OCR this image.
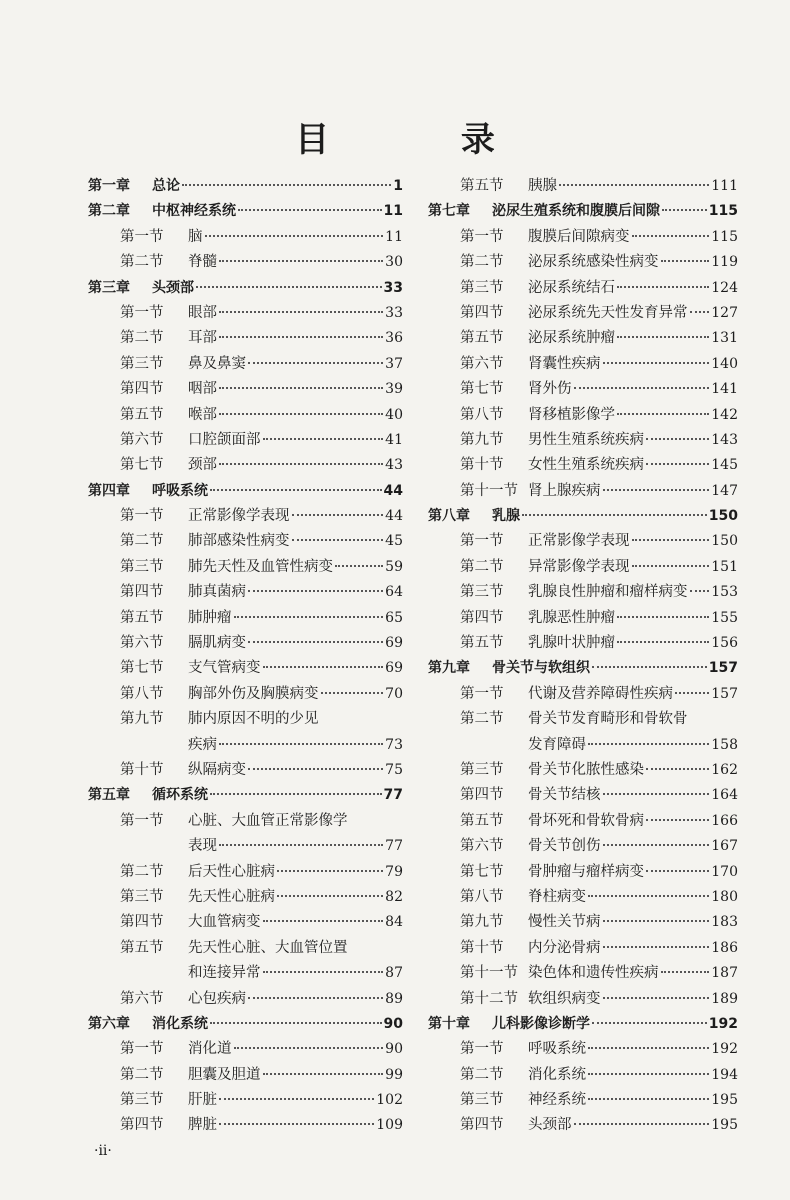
目 录
第一章	总论	1
第二章	中枢神经系统	11
第一节	脑	11
第二节	脊髓	30
第三章	头颈部	33
第一节	眼部	33
第二节	耳部	36
第三节	鼻及鼻窦	37
第四节	咽部	39
第五节	喉部	40
第六节	口腔颌面部	41
第七节	颈部	43
第四章	呼吸系统	44
第一节	正常影像学表现	44
第二节	肺部感染性病变	45
第三节	肺先天性及血管性病变	59
第四节	肺真菌病	64
第五节	肺肿瘤	65
第六节	膈肌病变	69
第七节	支气管病变	69
第八节	胸部外伤及胸膜病变	70
第九节	肺内原因不明的少见
疾病	73
第十节	纵隔病变	75
第五章	循环系统	77
第一节	心脏、大血管正常影像学
表现	77
第二节	后天性心脏病	79
第三节	先天性心脏病	82
第四节	大血管病变	84
第五节	先天性心脏、大血管位置
和连接异常	87
第六节	心包疾病	89
第六章	消化系统	90
第一节	消化道	90
第二节	胆囊及胆道	99
第三节	肝脏	102
第四节	脾脏	109
第五节	胰腺	111
第七章	泌尿生殖系统和腹膜后间隙	115
第一节	腹膜后间隙病变	115
第二节	泌尿系统感染性病变	119
第三节	泌尿系统结石	124
第四节	泌尿系统先天性发育异常 127
第五节	泌尿系统肿瘤	131
第六节	肾囊性疾病	140
第七节	肾外伤	141
第八节	肾移植影像学	142
第九节	男性生殖系统疾病	143
第十节	女性生殖系统疾病	145
第十一节 肾上腺疾病	147
第八章	乳腺	150
第一节	正常影像学表现	150
第二节	异常影像学表现	151
第三节	乳腺良性肿瘤和瘤样病变 153
第四节	乳腺恶性肿瘤	155
第五节	乳腺叶状肿瘤	156
第九章	骨关节与软组织	157
第一节	代谢及营养障碍性疾病	157
第二节	骨关节发育畸形和骨软骨
发育障碍	158
第三节	骨关节化脓性感染	162
第四节	骨关节结核	164
第五节	骨坏死和骨软骨病	166
第六节	骨关节创伤	167
第七节	骨肿瘤与瘤样病变	170
第八节	脊柱病变	180
第九节	慢性关节病	183
第十节	内分泌骨病	186
第十一节 染色体和遗传性疾病	187
第十二节 软组织病变	189
第十章	儿科影像诊断学	192
第一节	呼吸系统	192
第二节	消化系统	194
第三节	神经系统	195
第四节	头颈部	195
·ii·
